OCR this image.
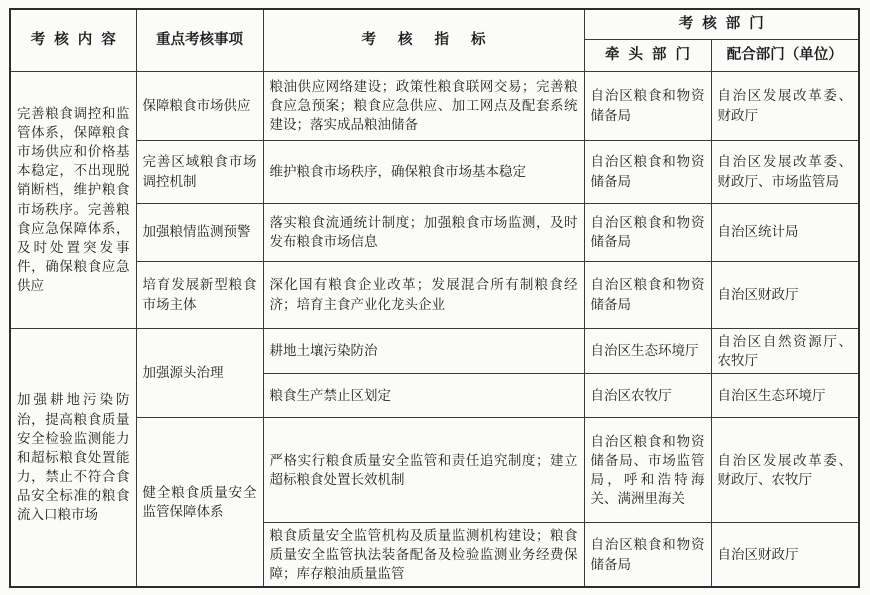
考核内容	重点考核事项	考核指标	考核部门	
			牵头部门	配合部门（单位）
完善粮食调控和监管体系，保障粮食市场供应和价格基本稳定，不出现脱销断档，维护粮食市场秩序。完善粮食应急保障体系，及时处置突发事件，确保粮食应急供应	保障粮食市场供应	粮油供应网络建设；政策性粮食联网交易；完善粮食应急预案；粮食应急供应、加工网点及配套系统建设；落实成品粮油储备	自治区粮食和物资储备局	自治区发展改革委、财政厅
	完善区域粮食市场调控机制	维护粮食市场秩序，确保粮食市场基本稳定	自治区粮食和物资储备局	自治区发展改革委、财政厅、市场监管局
	加强粮情监测预警	落实粮食流通统计制度；加强粮食市场监测，及时发布粮食市场信息	自治区粮食和物资储备局	自治区统计局
	培育发展新型粮食市场主体	深化国有粮食企业改革；发展混合所有制粮食经济；培育主食产业化龙头企业	自治区粮食和物资储备局	自治区财政厅
加强耕地污染防治，提高粮食质量安全检验监测能力和超标粮食处置能力，禁止不符合食品安全标准的粮食流入口粮市场	加强源头治理	耕地土壤污染防治	自治区生态环境厅	自治区自然资源厅、农牧厅
		粮食生产禁止区划定	自治区农牧厅	自治区生态环境厅
	健全粮食质量安全监管保障体系	严格实行粮食质量安全监管和责任追究制度；建立超标粮食处置长效机制	自治区粮食和物资储备局、市场监管局，呼和浩特海关、满洲里海关	自治区发展改革委、财政厅、农牧厅
		粮食质量安全监管机构及质量监测机构建设；粮食质量安全监管执法装备配备及检验监测业务经费保障；库存粮油质量监管	自治区粮食和物资储备局	自治区财政厅
